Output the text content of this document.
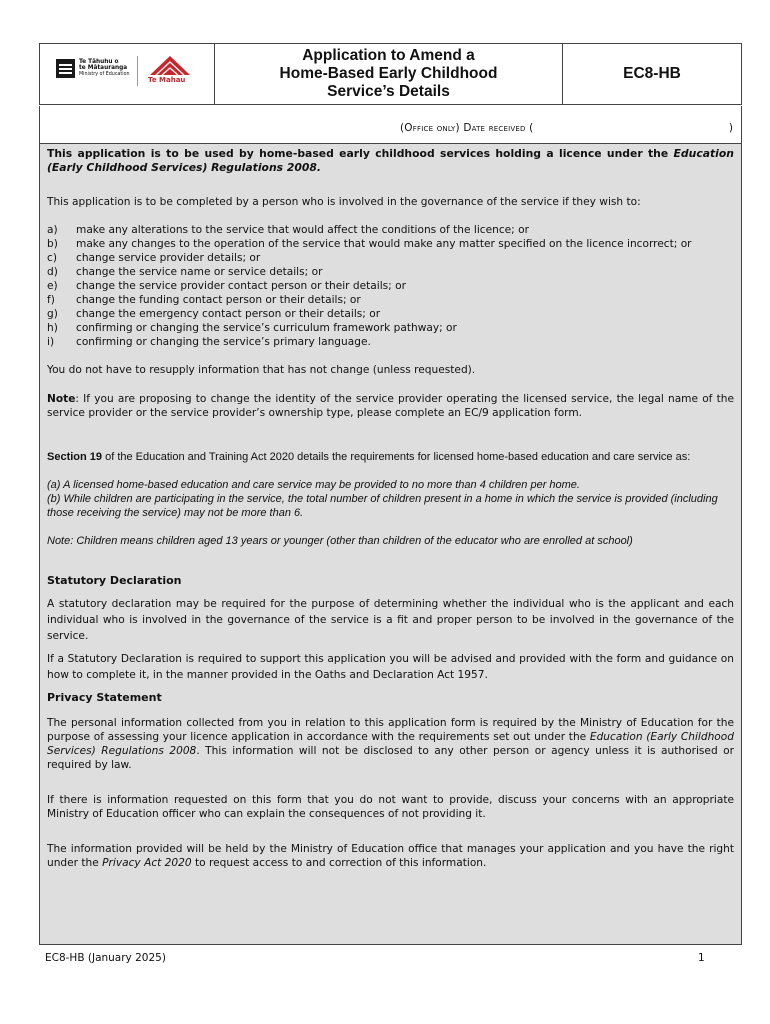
Te Tāhuhu o
te Mātauranga
Ministry of Education
Te Mahau
Application to Amend a
Home-Based Early Childhood
Service’s Details
EC8-HB
(Office only) Date received (	)

This application is to be used by home-based early childhood services holding a licence under the Education (Early Childhood Services) Regulations 2008.

This application is to be completed by a person who is involved in the governance of the service if they wish to:

a)	make any alterations to the service that would affect the conditions of the licence; or
b)	make any changes to the operation of the service that would make any matter specified on the licence incorrect; or
c)	change service provider details; or
d)	change the service name or service details; or
e)	change the service provider contact person or their details; or
f)	change the funding contact person or their details; or
g)	change the emergency contact person or their details; or
h)	confirming or changing the service’s curriculum framework pathway; or
i)	confirming or changing the service’s primary language.

You do not have to resupply information that has not change (unless requested).

Note: If you are proposing to change the identity of the service provider operating the licensed service, the legal name of the service provider or the service provider’s ownership type, please complete an EC/9 application form.

Section 19 of the Education and Training Act 2020 details the requirements for licensed home-based education and care service as:

(a) A licensed home-based education and care service may be provided to no more than 4 children per home.

(b) While children are participating in the service, the total number of children present in a home in which the service is provided (including those receiving the service) may not be more than 6.

Note: Children means children aged 13 years or younger (other than children of the educator who are enrolled at school)

Statutory Declaration

A statutory declaration may be required for the purpose of determining whether the individual who is the applicant and each individual who is involved in the governance of the service is a fit and proper person to be involved in the governance of the service.

If a Statutory Declaration is required to support this application you will be advised and provided with the form and guidance on how to complete it, in the manner provided in the Oaths and Declaration Act 1957.

Privacy Statement

The personal information collected from you in relation to this application form is required by the Ministry of Education for the purpose of assessing your licence application in accordance with the requirements set out under the Education (Early Childhood Services) Regulations 2008. This information will not be disclosed to any other person or agency unless it is authorised or required by law.

If there is information requested on this form that you do not want to provide, discuss your concerns with an appropriate Ministry of Education officer who can explain the consequences of not providing it.

The information provided will be held by the Ministry of Education office that manages your application and you have the right under the Privacy Act 2020 to request access to and correction of this information.

EC8-HB (January 2025)	1
